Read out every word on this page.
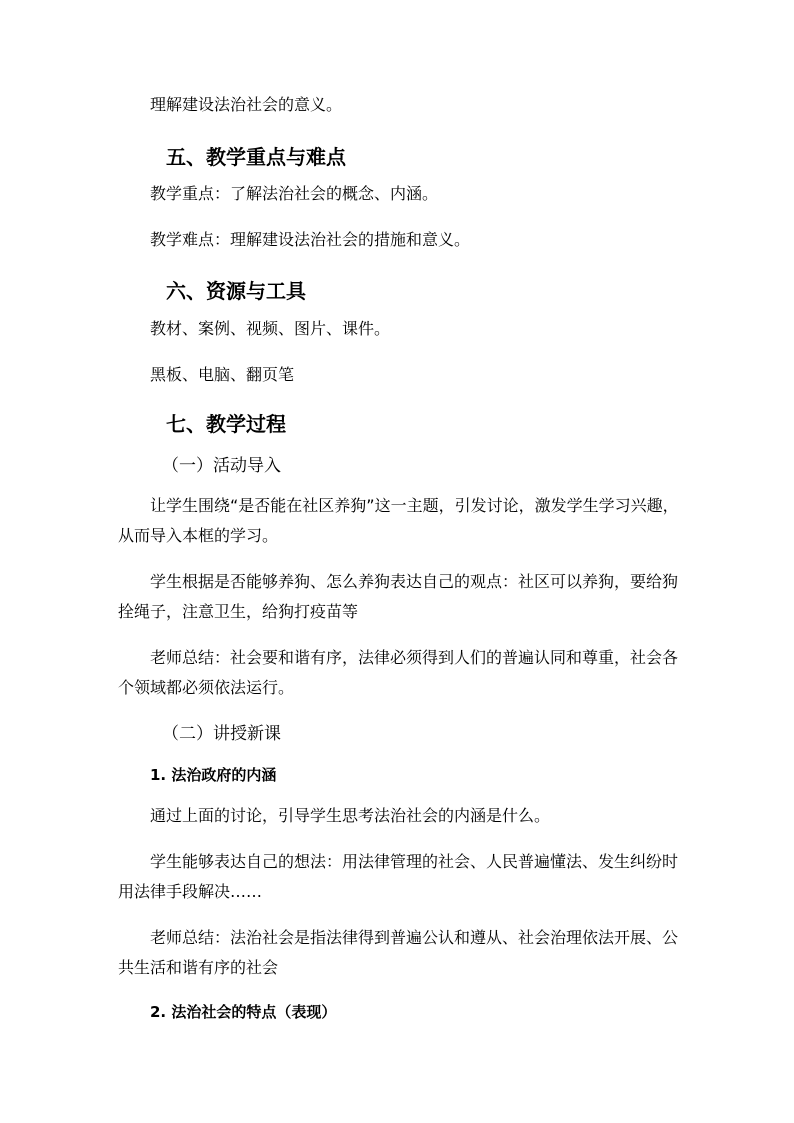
理解建设法治社会的意义。
五、教学重点与难点
教学重点：了解法治社会的概念、内涵。
教学难点：理解建设法治社会的措施和意义。
六、资源与工具
教材、案例、视频、图片、课件。
黑板、电脑、翻页笔
七、教学过程
（一）活动导入
让学生围绕“是否能在社区养狗”这一主题，引发讨论，激发学生学习兴趣，
从而导入本框的学习。
学生根据是否能够养狗、怎么养狗表达自己的观点：社区可以养狗，要给狗
拴绳子，注意卫生，给狗打疫苗等
老师总结：社会要和谐有序，法律必须得到人们的普遍认同和尊重，社会各
个领域都必须依法运行。
（二）讲授新课
1. 法治政府的内涵
通过上面的讨论，引导学生思考法治社会的内涵是什么。
学生能够表达自己的想法：用法律管理的社会、人民普遍懂法、发生纠纷时
用法律手段解决……
老师总结：法治社会是指法律得到普遍公认和遵从、社会治理依法开展、公
共生活和谐有序的社会
2. 法治社会的特点（表现）
